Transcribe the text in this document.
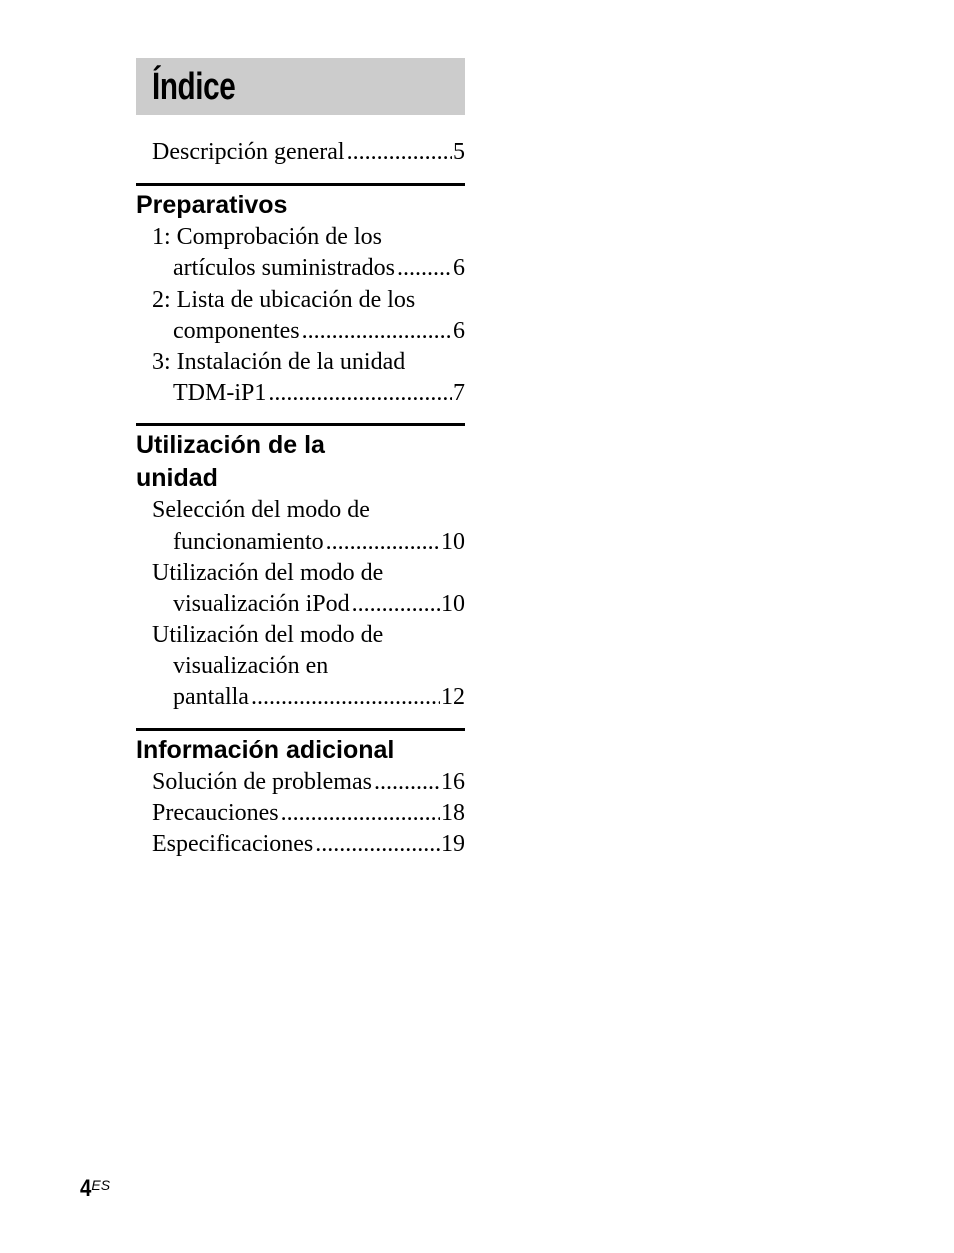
Índice
Descripción general .....	5
Preparativos
1: Comprobación de los
artículos suministrados ..... 6
2: Lista de ubicación de los
componentes .....	6
3: Instalación de la unidad
TDM-iP1 .....	7
Utilización de la
unidad
Selección del modo de
funcionamiento .....	10
Utilización del modo de
visualización iPod .....	10
Utilización del modo de
visualización en
pantalla .....	12
Información adicional
Solución de problemas .....	16
Precauciones .....	18
Especificaciones .....	19
4ES
